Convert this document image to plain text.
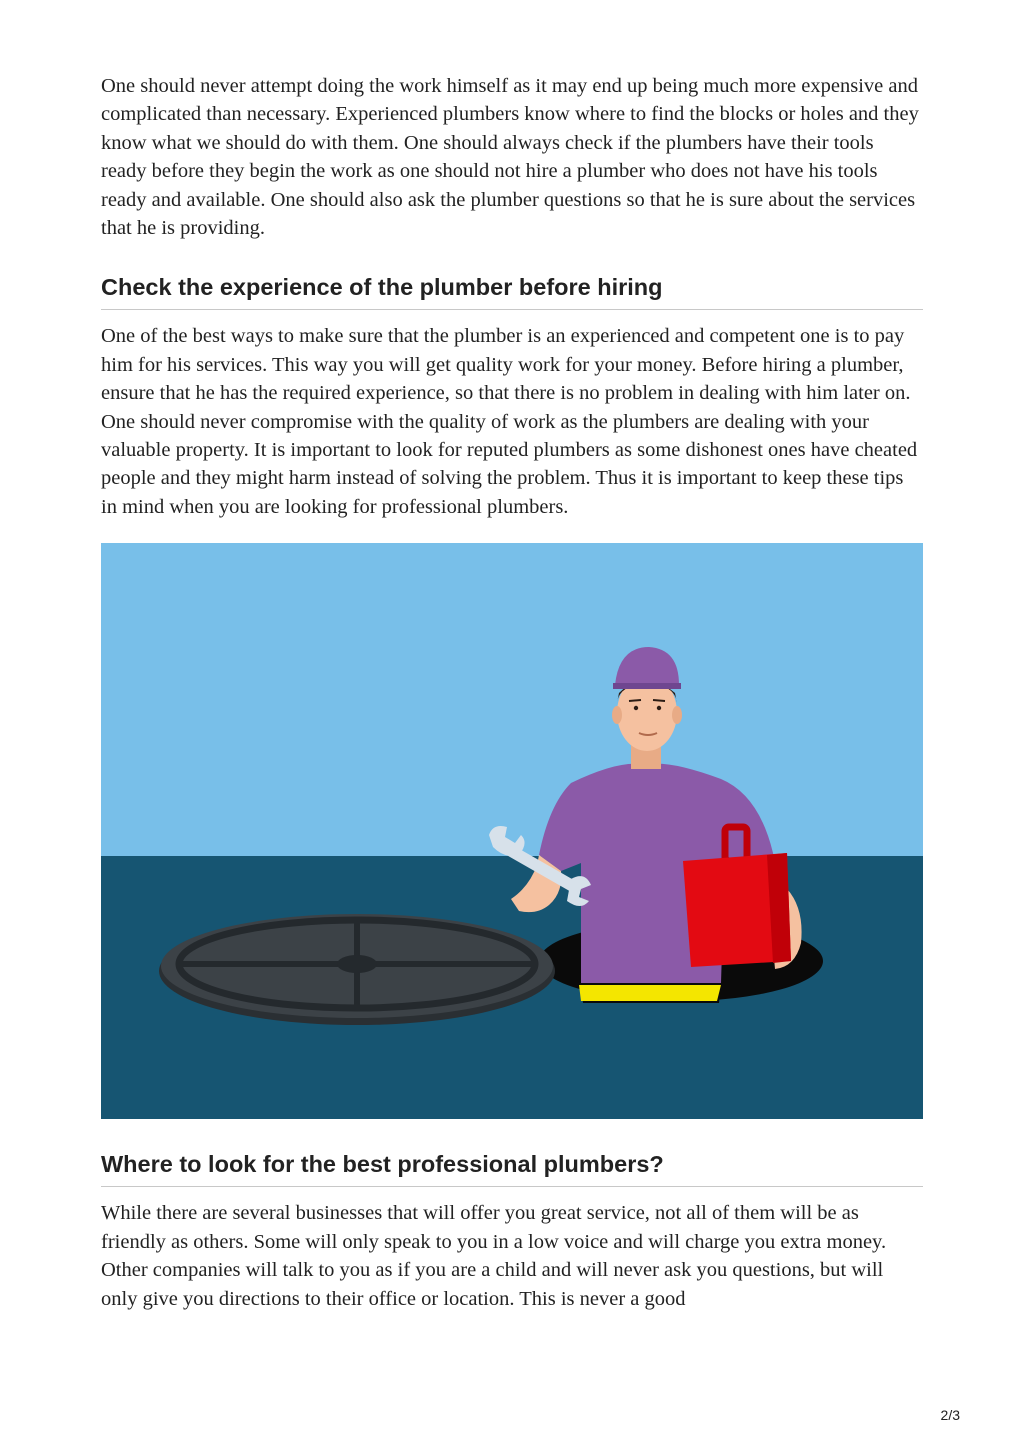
One should never attempt doing the work himself as it may end up being much more expensive and complicated than necessary. Experienced plumbers know where to find the blocks or holes and they know what we should do with them. One should always check if the plumbers have their tools ready before they begin the work as one should not hire a plumber who does not have his tools ready and available. One should also ask the plumber questions so that he is sure about the services that he is providing.

Check the experience of the plumber before hiring

One of the best ways to make sure that the plumber is an experienced and competent one is to pay him for his services. This way you will get quality work for your money. Before hiring a plumber, ensure that he has the required experience, so that there is no problem in dealing with him later on. One should never compromise with the quality of work as the plumbers are dealing with your valuable property. It is important to look for reputed plumbers as some dishonest ones have cheated people and they might harm instead of solving the problem. Thus it is important to keep these tips in mind when you are looking for professional plumbers.

Where to look for the best professional plumbers?

While there are several businesses that will offer you great service, not all of them will be as friendly as others. Some will only speak to you in a low voice and will charge you extra money. Other companies will talk to you as if you are a child and will never ask you questions, but will only give you directions to their office or location. This is never a good

2/3
